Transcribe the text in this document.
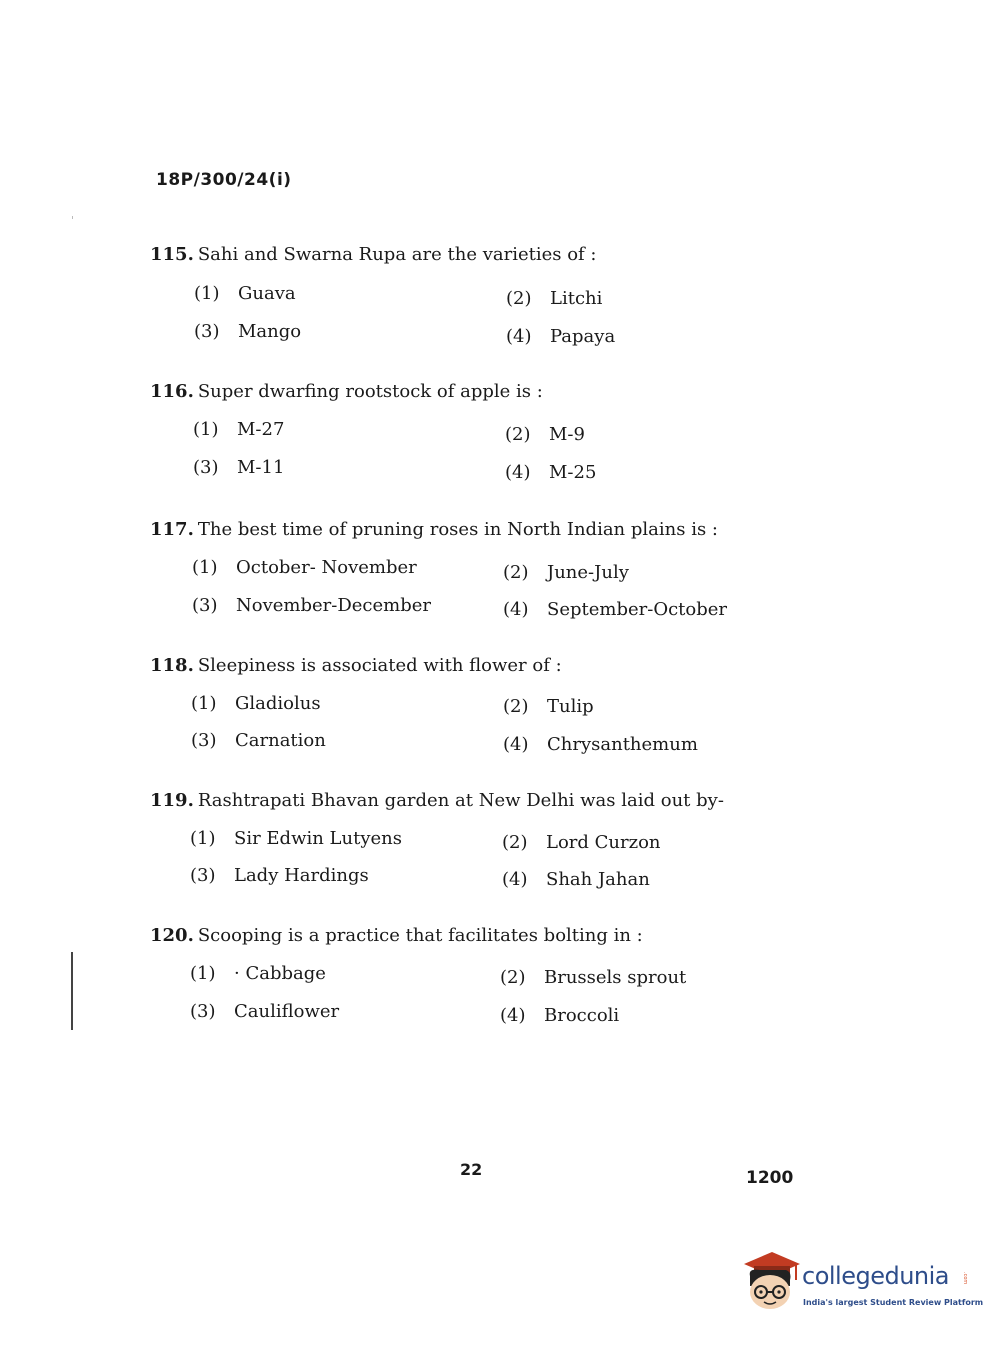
18P/300/24(i)
115. Sahi and Swarna Rupa are the varieties of :
(1) Guava	(2) Litchi
(3) Mango	(4) Papaya
116. Super dwarfing rootstock of apple is :
(1) M-27	(2) M-9
(3) M-11	(4) M-25
117. The best time of pruning roses in North Indian plains is :
(1) October- November	(2) June-July
(3) November-December	(4) September-October
118. Sleepiness is associated with flower of :
(1) Gladiolus	(2) Tulip
(3) Carnation	(4) Chrysanthemum
119. Rashtrapati Bhavan garden at New Delhi was laid out by-
(1) Sir Edwin Lutyens	(2) Lord Curzon
(3) Lady Hardings	(4) Shah Jahan
120. Scooping is a practice that facilitates bolting in :
(1) · Cabbage	(2) Brussels sprout
(3) Cauliflower	(4) Broccoli
22	1200
collegedunia	.com
India's largest Student Review Platform
